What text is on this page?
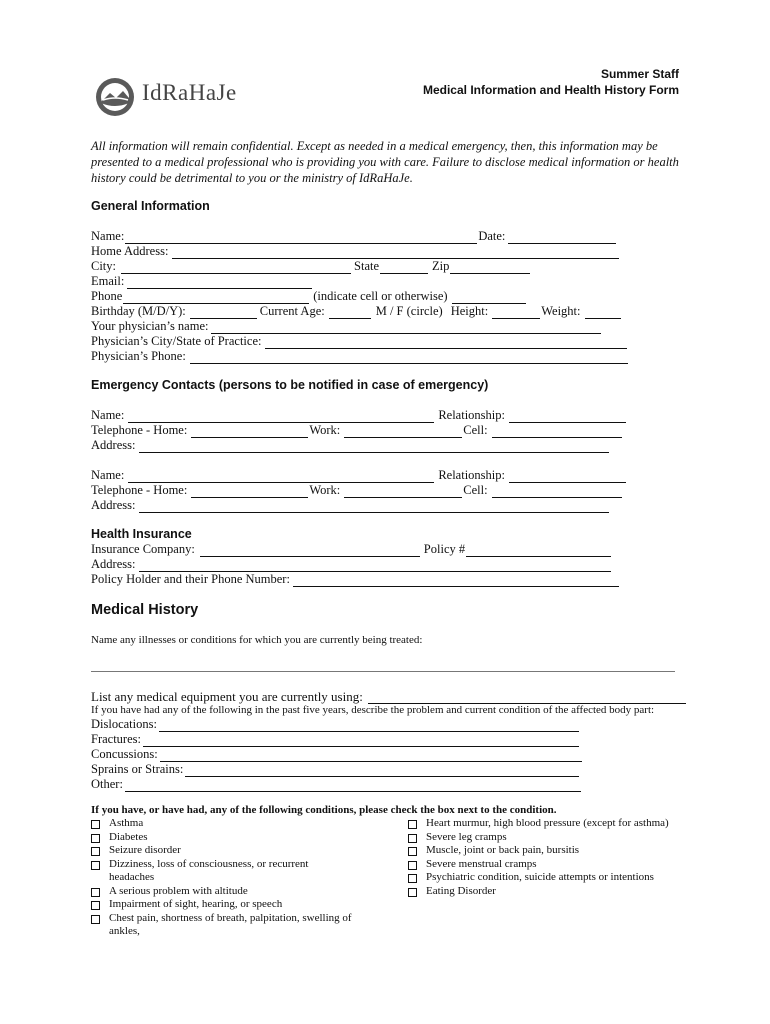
IdRaHaJe
Summer Staff
Medical Information and Health History Form
All information will remain confidential. Except as needed in a medical emergency, then, this information may be presented to a medical professional who is providing you with care. Failure to disclose medical information or health history could be detrimental to you or the ministry of IdRaHaJe.
General Information
Name:	Date:
Home Address:
City:	State	Zip
Email:
Phone	(indicate cell or otherwise)
Birthday (M/D/Y):	Current Age:	M / F (circle) Height:	Weight:
Your physician’s name:
Physician’s City/State of Practice:
Physician’s Phone:
Emergency Contacts (persons to be notified in case of emergency)
Name:	Relationship:
Telephone - Home:	Work:	Cell:
Address:
Name:	Relationship:
Telephone - Home:	Work:	Cell:
Address:
Health Insurance
Insurance Company:	Policy #
Address:
Policy Holder and their Phone Number:
Medical History
Name any illnesses or conditions for which you are currently being treated:
List any medical equipment you are currently using:
If you have had any of the following in the past five years, describe the problem and current condition of the affected body part:
Dislocations:
Fractures:
Concussions:
Sprains or Strains:
Other:
If you have, or have had, any of the following conditions, please check the box next to the condition.
Asthma
Diabetes
Seizure disorder
Dizziness, loss of consciousness, or recurrent headaches
A serious problem with altitude
Impairment of sight, hearing, or speech
Chest pain, shortness of breath, palpitation, swelling of ankles,
Heart murmur, high blood pressure (except for asthma)
Severe leg cramps
Muscle, joint or back pain, bursitis
Severe menstrual cramps
Psychiatric condition, suicide attempts or intentions
Eating Disorder
